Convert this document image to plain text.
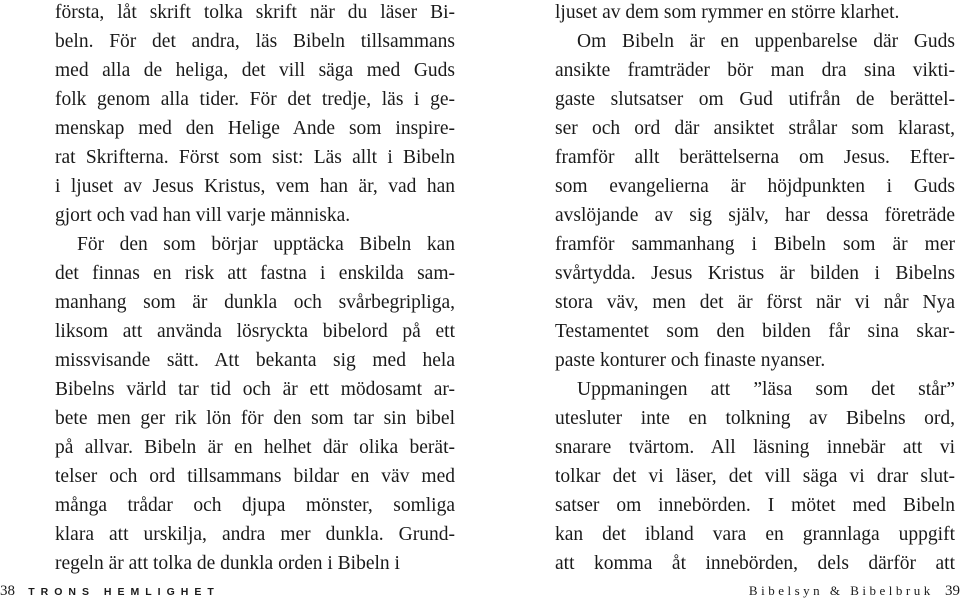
första, låt skrift tolka skrift när du läser Bi-
beln. För det andra, läs Bibeln tillsammans
med alla de heliga, det vill säga med Guds
folk genom alla tider. För det tredje, läs i ge-
menskap med den Helige Ande som inspire-
rat Skrifterna. Först som sist: Läs allt i Bibeln
i ljuset av Jesus Kristus, vem han är, vad han
gjort och vad han vill varje människa.
För den som börjar upptäcka Bibeln kan
det finnas en risk att fastna i enskilda sam-
manhang som är dunkla och svårbegripliga,
liksom att använda lösryckta bibelord på ett
missvisande sätt. Att bekanta sig med hela
Bibelns värld tar tid och är ett mödosamt ar-
bete men ger rik lön för den som tar sin bibel
på allvar. Bibeln är en helhet där olika berät-
telser och ord tillsammans bildar en väv med
många trådar och djupa mönster, somliga
klara att urskilja, andra mer dunkla. Grund-
regeln är att tolka de dunkla orden i Bibeln i
ljuset av dem som rymmer en större klarhet.
Om Bibeln är en uppenbarelse där Guds
ansikte framträder bör man dra sina vikti-
gaste slutsatser om Gud utifrån de berättel-
ser och ord där ansiktet strålar som klarast,
framför allt berättelserna om Jesus. Efter-
som evangelierna är höjdpunkten i Guds
avslöjande av sig själv, har dessa företräde
framför sammanhang i Bibeln som är mer
svårtydda. Jesus Kristus är bilden i Bibelns
stora väv, men det är först när vi når Nya
Testamentet som den bilden får sina skar-
paste konturer och finaste nyanser.
Uppmaningen att ”läsa som det står”
utesluter inte en tolkning av Bibelns ord,
snarare tvärtom. All läsning innebär att vi
tolkar det vi läser, det vill säga vi drar slut-
satser om innebörden. I mötet med Bibeln
kan det ibland vara en grannlaga uppgift
att komma åt innebörden, dels därför att
38 TRONS HEMLIGHET	Bibelsyn & Bibelbruk 39
